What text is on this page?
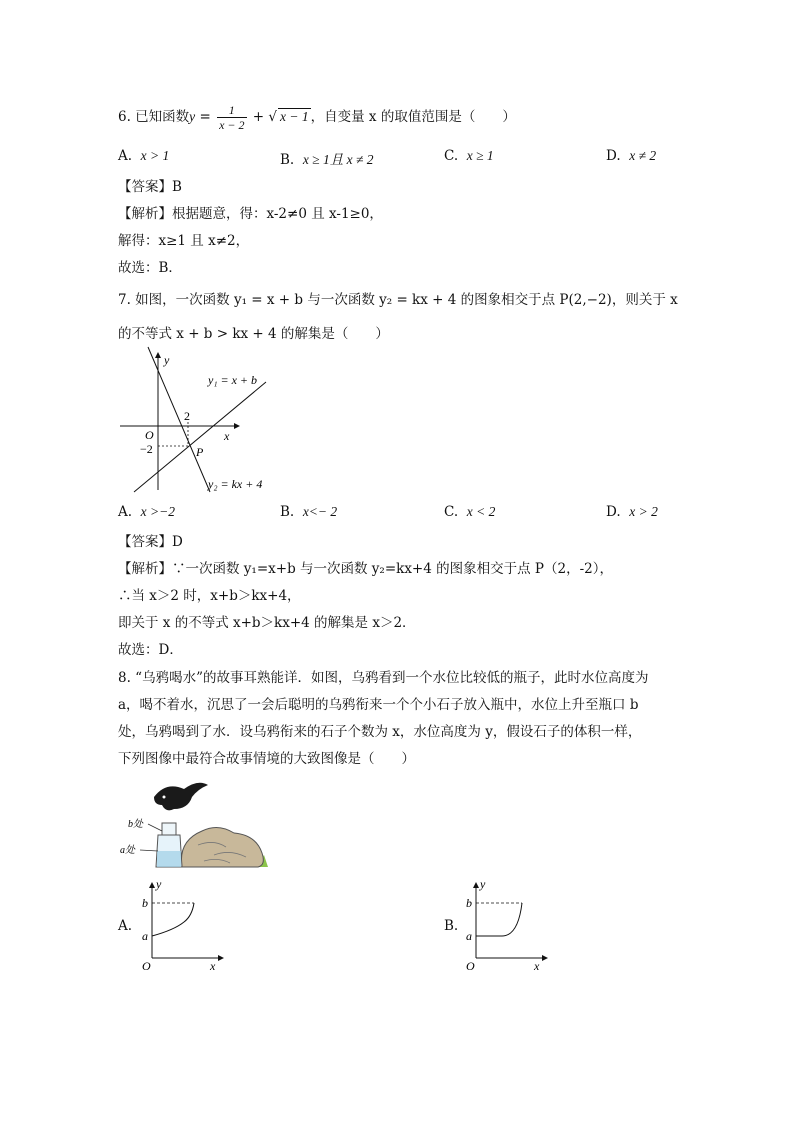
6. 已知函数$y = \frac{1}{x - 2}$ + √ x − 1 ，自变量 x 的取值范围是（　　）
A. x > 1	B. x ≥ 1且 x ≠ 2	C. x ≥ 1	D. x ≠ 2
【答案】B
【解析】根据题意，得：x-2≠0 且 x-1≥0，
解得：x≥1 且 x≠2，
故选：B．
7. 如图，一次函数 y₁ = x + b 与一次函数 y₂ = kx + 4 的图象相交于点 P(2,−2)，则关于 x
的不等式 x + b > kx + 4 的解集是（　　）
y
x
O
2
−2	P
y₁ = x + b
y₂ = kx + 4
A. x >−2	B. x<− 2	C. x < 2	D. x > 2
【答案】D
【解析】∵一次函数 y₁=x+b 与一次函数 y₂=kx+4 的图象相交于点 P（2，-2），
∴当 x＞2 时，x+b＞kx+4，
即关于 x 的不等式 x+b＞kx+4 的解集是 x＞2．
故选：D．
8. “乌鸦喝水”的故事耳熟能详．如图，乌鸦看到一个水位比较低的瓶子，此时水位高度为
a，喝不着水，沉思了一会后聪明的乌鸦衔来一个个小石子放入瓶中，水位上升至瓶口 b
处，乌鸦喝到了水．设乌鸦衔来的石子个数为 x，水位高度为 y，假设石子的体积一样，
下列图像中最符合故事情境的大致图像是（　　）
b处
a处
A.
y
x
O
b
a
B.
y
x
O
b
a
